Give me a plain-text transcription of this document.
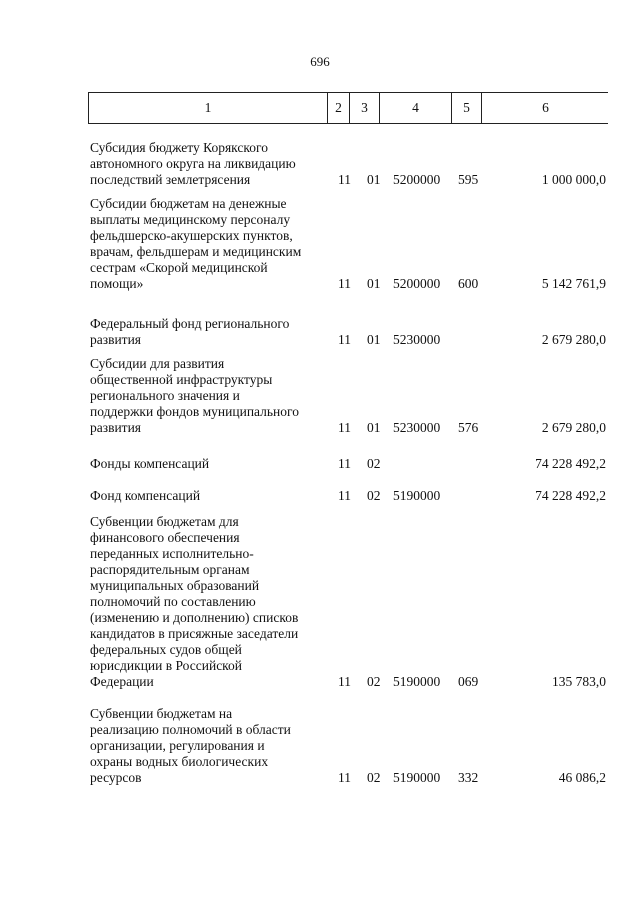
696
1	2	3	4	5	6
Субсидия бюджету Корякского
автономного округа на ликвидацию
последствий землетрясения	11 01 5200000 595	1 000 000,0
Субсидии бюджетам на денежные
выплаты медицинскому персоналу
фельдшерско-акушерских пунктов,
врачам, фельдшерам и медицинским
сестрам «Скорой медицинской
помощи»	11 01 5200000 600	5 142 761,9
Федеральный фонд регионального
развития	11 01 5230000	2 679 280,0
Субсидии для развития
общественной инфраструктуры
регионального значения и
поддержки фондов муниципального
развития	11 01 5230000 576	2 679 280,0
Фонды компенсаций	11 02	74 228 492,2
Фонд компенсаций	11 02 5190000	74 228 492,2
Субвенции бюджетам для
финансового обеспечения
переданных исполнительно-
распорядительным органам
муниципальных образований
полномочий по составлению
(изменению и дополнению) списков
кандидатов в присяжные заседатели
федеральных судов общей
юрисдикции в Российской
Федерации	11 02 5190000 069	135 783,0
Субвенции бюджетам на
реализацию полномочий в области
организации, регулирования и
охраны водных биологических
ресурсов	11 02 5190000 332	46 086,2
